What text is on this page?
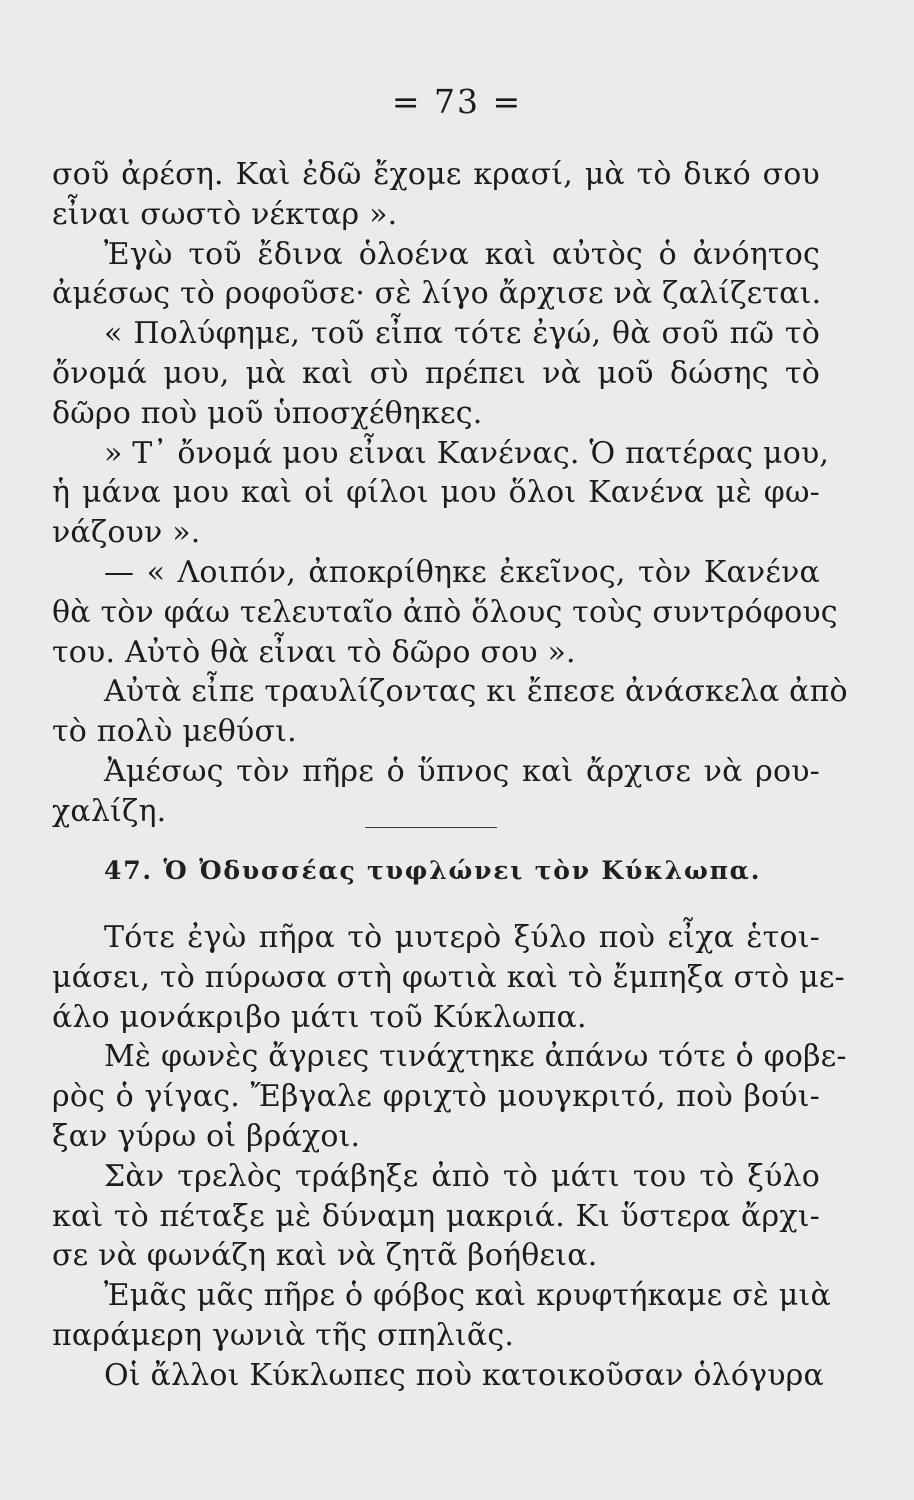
= 73 =
σοῦ ἀρέση. Καὶ ἐδῶ ἔχομε κρασί, μὰ τὸ δικό σου
εἶναι σωστὸ νέκταρ ».
Ἐγὼ τοῦ ἔδινα ὁλοένα καὶ αὐτὸς ὁ ἀνόητος
ἀμέσως τὸ ροφοῦσε· σὲ λίγο ἄρχισε νὰ ζαλίζεται.
« Πολύφημε, τοῦ εἶπα τότε ἐγώ, θὰ σοῦ πῶ τὸ
ὄνομά μου, μὰ καὶ σὺ πρέπει νὰ μοῦ δώσης τὸ
δῶρο ποὺ μοῦ ὑποσχέθηκες.
» Τ᾽ ὄνομά μου εἶναι Κανένας. Ὁ πατέρας μου,
ἡ μάνα μου καὶ οἱ φίλοι μου ὅλοι Κανένα μὲ φω-
νάζουν ».
— « Λοιπόν, ἀποκρίθηκε ἐκεῖνος, τὸν Κανένα
θὰ τὸν φάω τελευταῖο ἀπὸ ὅλους τοὺς συντρόφους
του. Αὐτὸ θὰ εἶναι τὸ δῶρο σου ».
Αὐτὰ εἶπε τραυλίζοντας κι ἔπεσε ἀνάσκελα ἀπὸ
τὸ πολὺ μεθύσι.
Ἀμέσως τὸν πῆρε ὁ ὕπνος καὶ ἄρχισε νὰ ρου-
χαλίζη.
47. Ὁ Ὀδυσσέας τυφλώνει τὸν Κύκλωπα.
Τότε ἐγὼ πῆρα τὸ μυτερὸ ξύλο ποὺ εἶχα ἑτοι-
μάσει, τὸ πύρωσα στὴ φωτιὰ καὶ τὸ ἔμπηξα στὸ με-
άλο μονάκριβο μάτι τοῦ Κύκλωπα.
Μὲ φωνὲς ἄγριες τινάχτηκε ἀπάνω τότε ὁ φοβε-
ρὸς ὁ γίγας. Ἔβγαλε φριχτὸ μουγκριτό, ποὺ βούι-
ξαν γύρω οἱ βράχοι.
Σὰν τρελὸς τράβηξε ἀπὸ τὸ μάτι του τὸ ξύλο
καὶ τὸ πέταξε μὲ δύναμη μακριά. Κι ὕστερα ἄρχι-
σε νὰ φωνάζη καὶ νὰ ζητᾶ βοήθεια.
Ἐμᾶς μᾶς πῆρε ὁ φόβος καὶ κρυφτήκαμε σὲ μιὰ
παράμερη γωνιὰ τῆς σπηλιᾶς.
Οἱ ἄλλοι Κύκλωπες ποὺ κατοικοῦσαν ὁλόγυρα
